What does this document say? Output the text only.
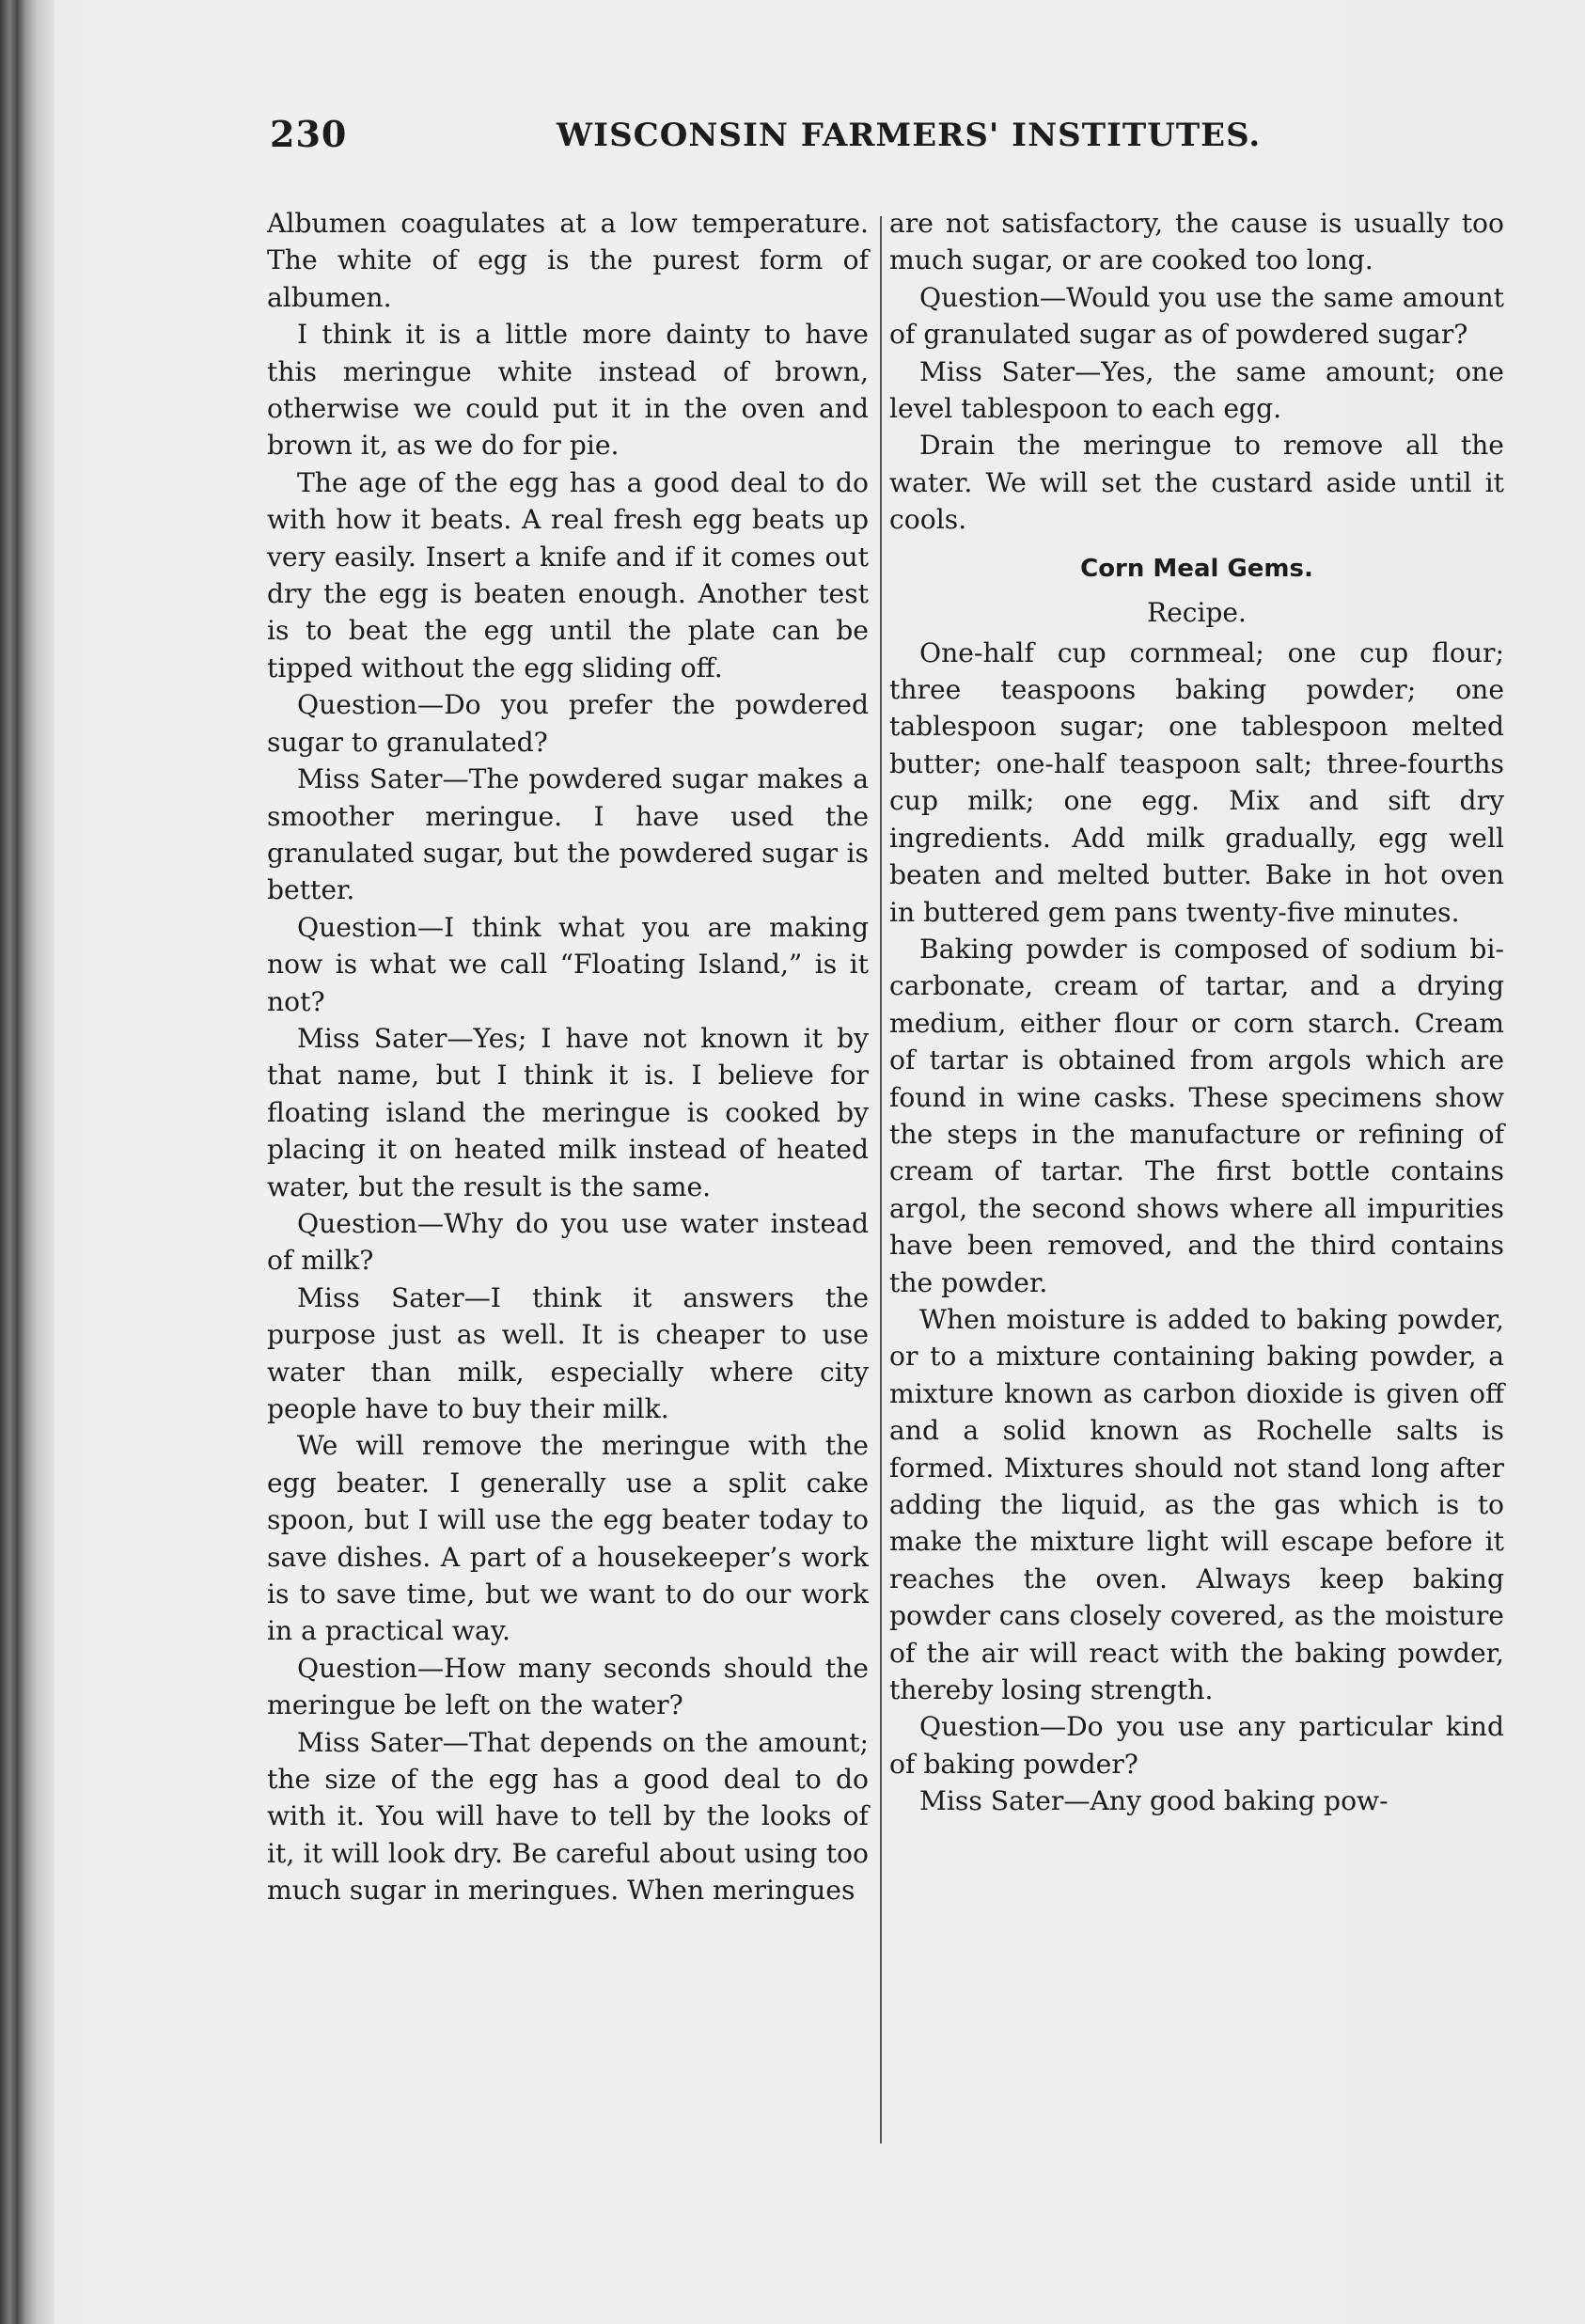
230	WISCONSIN FARMERS' INSTITUTES.

Albumen coagulates at a low temperature. The white of egg is the purest form of albumen.

I think it is a little more dainty to have this meringue white instead of brown, otherwise we could put it in the oven and brown it, as we do for pie.

The age of the egg has a good deal to do with how it beats. A real fresh egg beats up very easily. Insert a knife and if it comes out dry the egg is beaten enough. Another test is to beat the egg until the plate can be tipped without the egg sliding off.

Question—Do you prefer the powdered sugar to granulated?

Miss Sater—The powdered sugar makes a smoother meringue. I have used the granulated sugar, but the powdered sugar is better.

Question—I think what you are making now is what we call “Floating Island,” is it not?

Miss Sater—Yes; I have not known it by that name, but I think it is. I believe for floating island the meringue is cooked by placing it on heated milk instead of heated water, but the result is the same.

Question—Why do you use water instead of milk?

Miss Sater—I think it answers the purpose just as well. It is cheaper to use water than milk, especially where city people have to buy their milk.

We will remove the meringue with the egg beater. I generally use a split cake spoon, but I will use the egg beater today to save dishes. A part of a housekeeper’s work is to save time, but we want to do our work in a practical way.

Question—How many seconds should the meringue be left on the water?

Miss Sater—That depends on the amount; the size of the egg has a good deal to do with it. You will have to tell by the looks of it, it will look dry. Be careful about using too much sugar in meringues. When meringues

are not satisfactory, the cause is usually too much sugar, or are cooked too long.

Question—Would you use the same amount of granulated sugar as of powdered sugar?

Miss Sater—Yes, the same amount; one level tablespoon to each egg.

Drain the meringue to remove all the water. We will set the custard aside until it cools.

Corn Meal Gems.
Recipe.

One-half cup cornmeal; one cup flour; three teaspoons baking powder; one tablespoon sugar; one tablespoon melted butter; one-half teaspoon salt; three-fourths cup milk; one egg. Mix and sift dry ingredients. Add milk gradually, egg well beaten and melted butter. Bake in hot oven in buttered gem pans twenty-five minutes.

Baking powder is composed of sodium bi-carbonate, cream of tartar, and a drying medium, either flour or corn starch. Cream of tartar is obtained from argols which are found in wine casks. These specimens show the steps in the manufacture or refining of cream of tartar. The first bottle contains argol, the second shows where all impurities have been removed, and the third contains the powder.

When moisture is added to baking powder, or to a mixture containing baking powder, a mixture known as carbon dioxide is given off and a solid known as Rochelle salts is formed. Mixtures should not stand long after adding the liquid, as the gas which is to make the mixture light will escape before it reaches the oven. Always keep baking powder cans closely covered, as the moisture of the air will react with the baking powder, thereby losing strength.

Question—Do you use any particular kind of baking powder?

Miss Sater—Any good baking pow-
